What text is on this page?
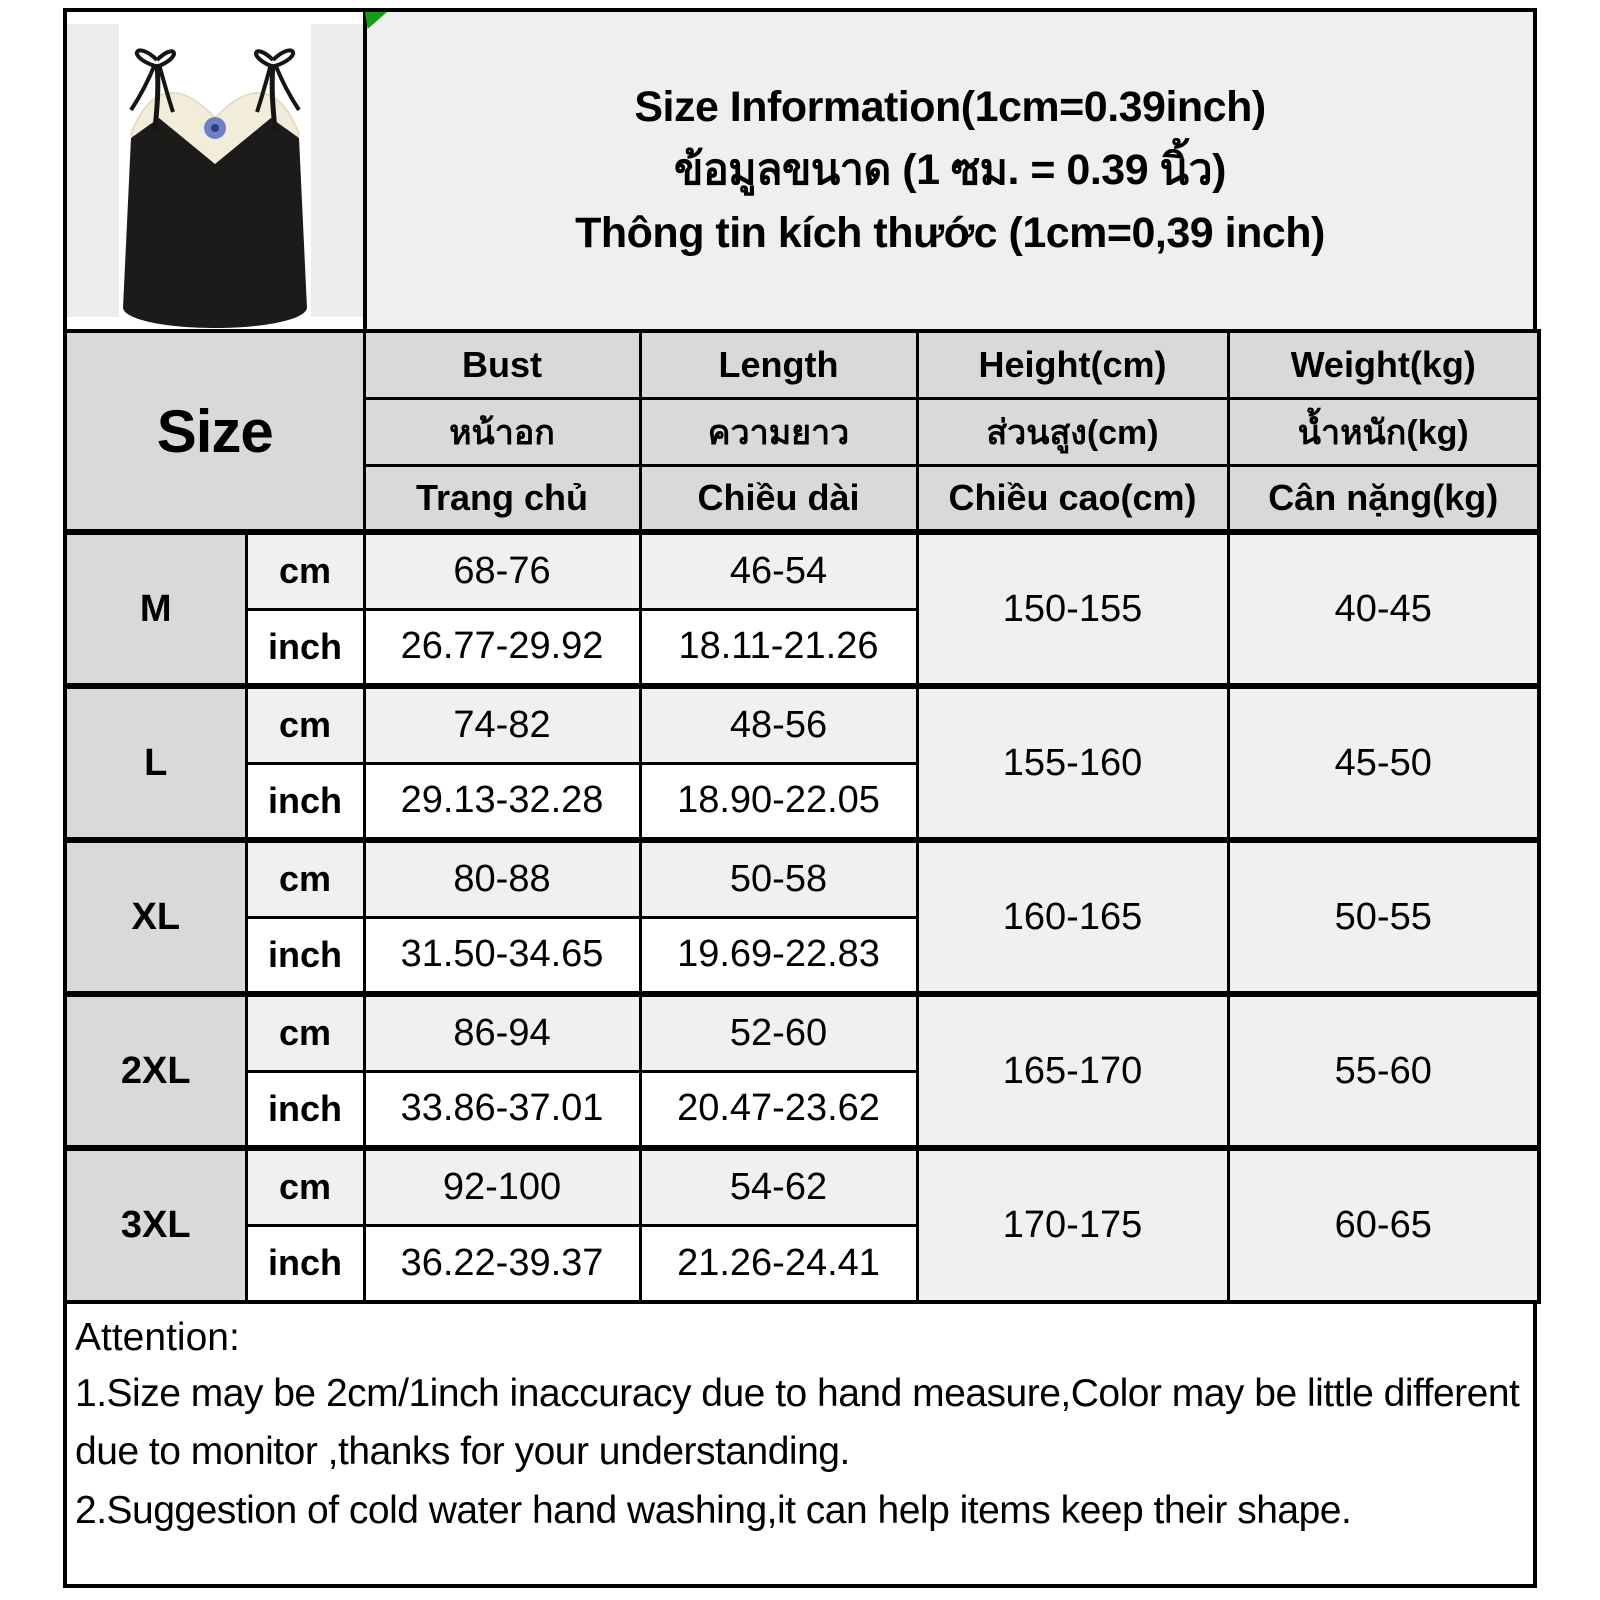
Size Information(1cm=0.39inch)
ข้อมูลขนาด (1 ซม. = 0.39 นิ้ว)
Thông tin kích thước (1cm=0,39 inch)
Size		Bust	Length	Height(cm)	Weight(kg)
		หน้าอก	ความยาว	ส่วนสูง(cm)	น้ำหนัก(kg)
		Trang chủ	Chiều dài	Chiều cao(cm)	Cân nặng(kg)
M	cm	68-76	46-54	150-155	40-45
	inch	26.77-29.92	18.11-21.26		
L	cm	74-82	48-56	155-160	45-50
	inch	29.13-32.28	18.90-22.05		
XL	cm	80-88	50-58	160-165	50-55
	inch	31.50-34.65	19.69-22.83		
2XL	cm	86-94	52-60	165-170	55-60
	inch	33.86-37.01	20.47-23.62		
3XL	cm	92-100	54-62	170-175	60-65
	inch	36.22-39.37	21.26-24.41		
Attention:
1.Size may be 2cm/1inch inaccuracy due to hand measure,Color may be little different due to monitor ,thanks for your understanding.
2.Suggestion of cold water hand washing,it can help items keep their shape.
